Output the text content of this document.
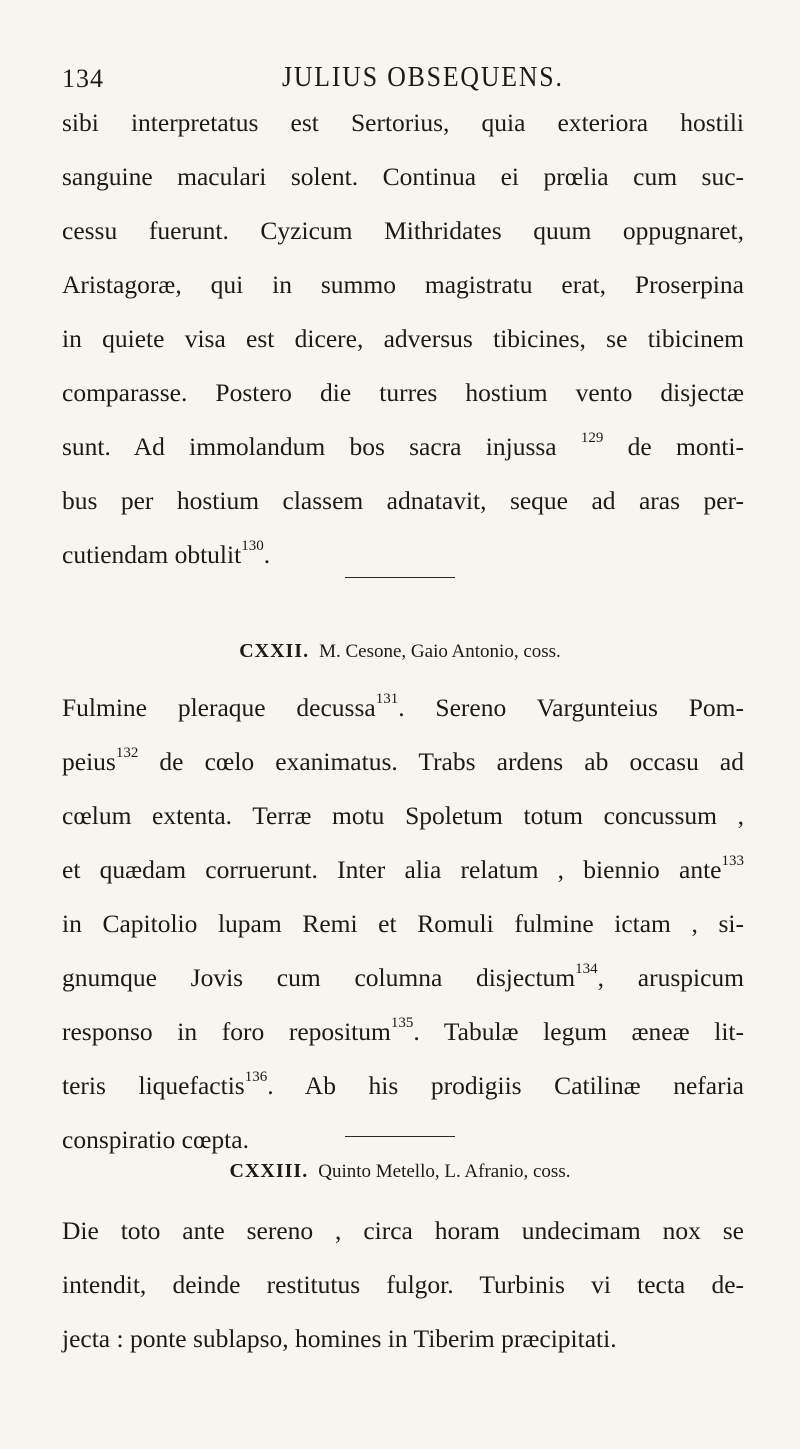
134	JULIUS OBSEQUENS.
sibi interpretatus est Sertorius, quia exteriora hostili
sanguine maculari solent. Continua ei prœlia cum suc-
cessu fuerunt. Cyzicum Mithridates quum oppugnaret,
Aristagoræ, qui in summo magistratu erat, Proserpina
in quiete visa est dicere, adversus tibicines, se tibicinem
comparasse. Postero die turres hostium vento disjectæ
sunt. Ad immolandum bos sacra injussa $^{129}$ de monti-
bus per hostium classem adnatavit, seque ad aras per-
cutiendam obtulit$^{130}$.
CXXII. M. Cesone, Gaio Antonio, coss.
Fulmine pleraque decussa$^{131}$. Sereno Vargunteius Pom-
peius$^{132}$ de cœlo exanimatus. Trabs ardens ab occasu ad
cœlum extenta. Terræ motu Spoletum totum concussum ,
et quædam corruerunt. Inter alia relatum , biennio ante$^{133}$
in Capitolio lupam Remi et Romuli fulmine ictam , si-
gnumque Jovis cum columna disjectum$^{134}$, aruspicum
responso in foro repositum$^{135}$. Tabulæ legum æneæ lit-
teris liquefactis$^{136}$. Ab his prodigiis Catilinæ nefaria
conspiratio cœpta.
CXXIII. Quinto Metello, L. Afranio, coss.
Die toto ante sereno , circa horam undecimam nox se
intendit, deinde restitutus fulgor. Turbinis vi tecta de-
jecta : ponte sublapso, homines in Tiberim præcipitati.
